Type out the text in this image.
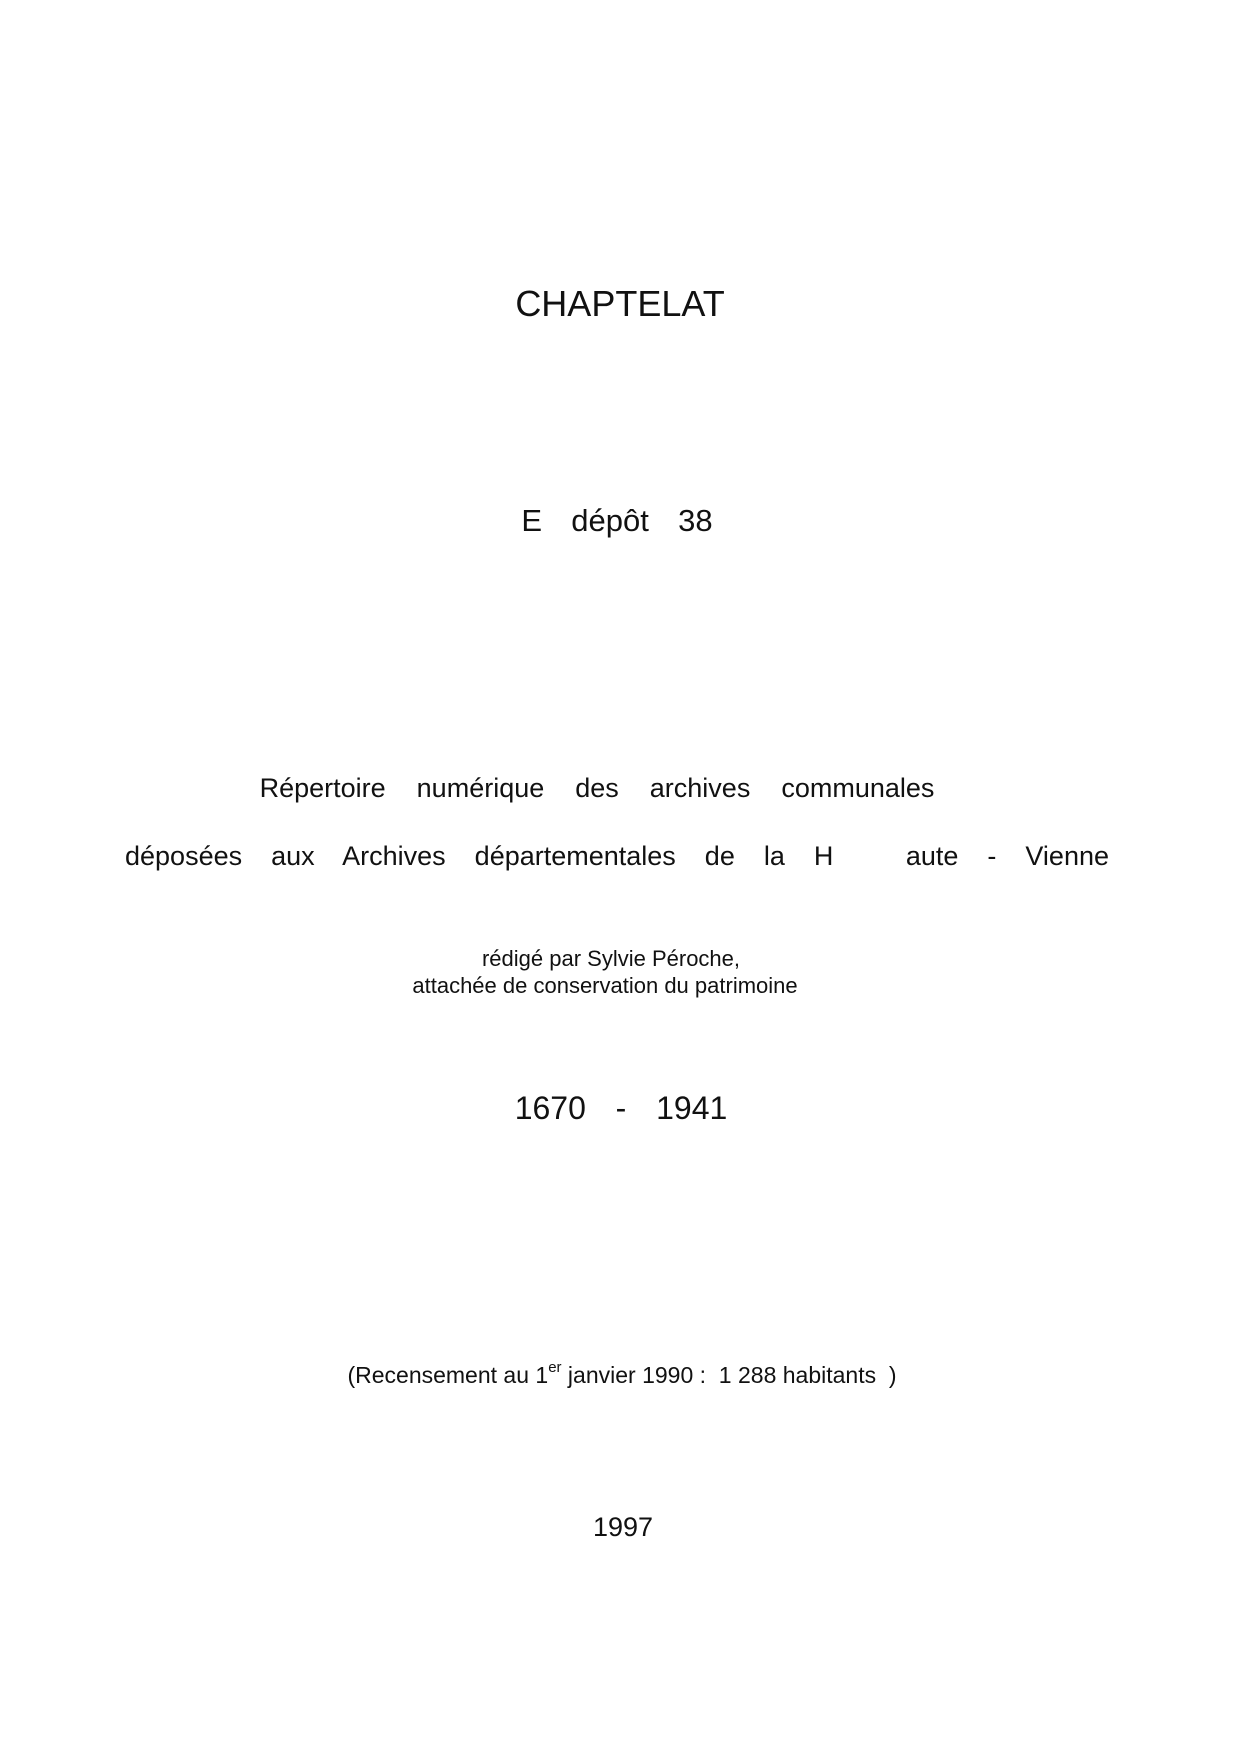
CHAPTELAT
E  dépôt  38
Répertoire  numérique  des  archives  communales
déposées  aux  Archives  départementales  de  la  H     aute  -  Vienne
rédigé par Sylvie Péroche,
attachée de conservation du patrimoine
1670  -  1941
(Recensement au 1er janvier 1990 :  1 288 habitants  )
1997
